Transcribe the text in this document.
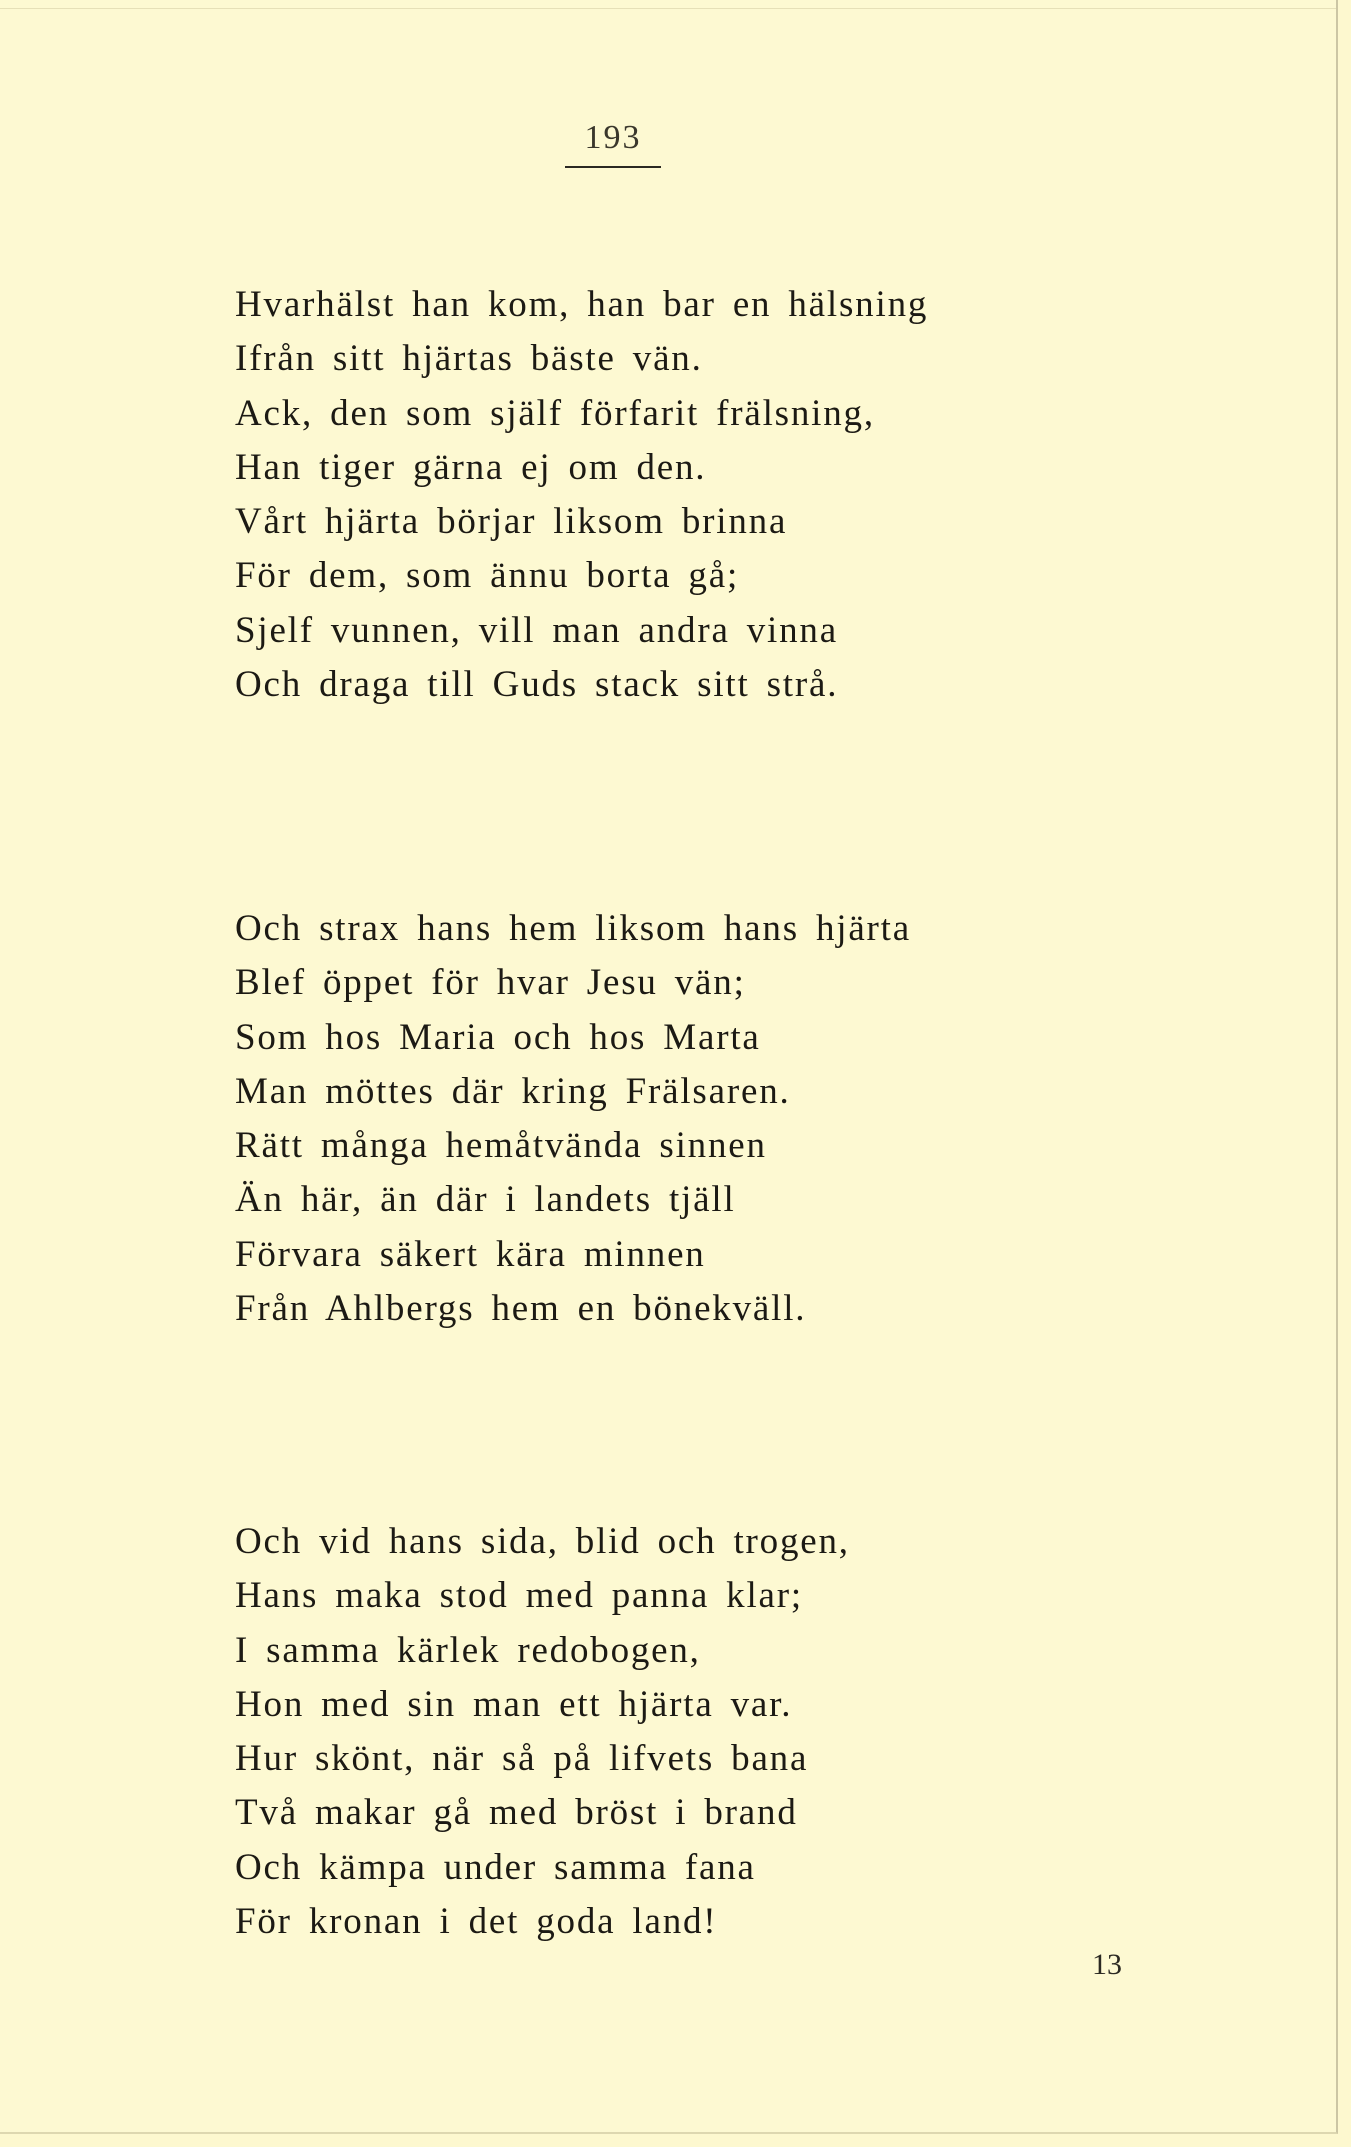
193
Hvarhälst han kom, han bar en hälsning
Ifrån sitt hjärtas bäste vän.
Ack, den som själf förfarit frälsning,
Han tiger gärna ej om den.
Vårt hjärta börjar liksom brinna
För dem, som ännu borta gå;
Sjelf vunnen, vill man andra vinna
Och draga till Guds stack sitt strå.
Och strax hans hem liksom hans hjärta
Blef öppet för hvar Jesu vän;
Som hos Maria och hos Marta
Man möttes där kring Frälsaren.
Rätt många hemåtvända sinnen
Än här, än där i landets tjäll
Förvara säkert kära minnen
Från Ahlbergs hem en bönekväll.
Och vid hans sida, blid och trogen,
Hans maka stod med panna klar;
I samma kärlek redobogen,
Hon med sin man ett hjärta var.
Hur skönt, när så på lifvets bana
Två makar gå med bröst i brand
Och kämpa under samma fana
För kronan i det goda land!
13
